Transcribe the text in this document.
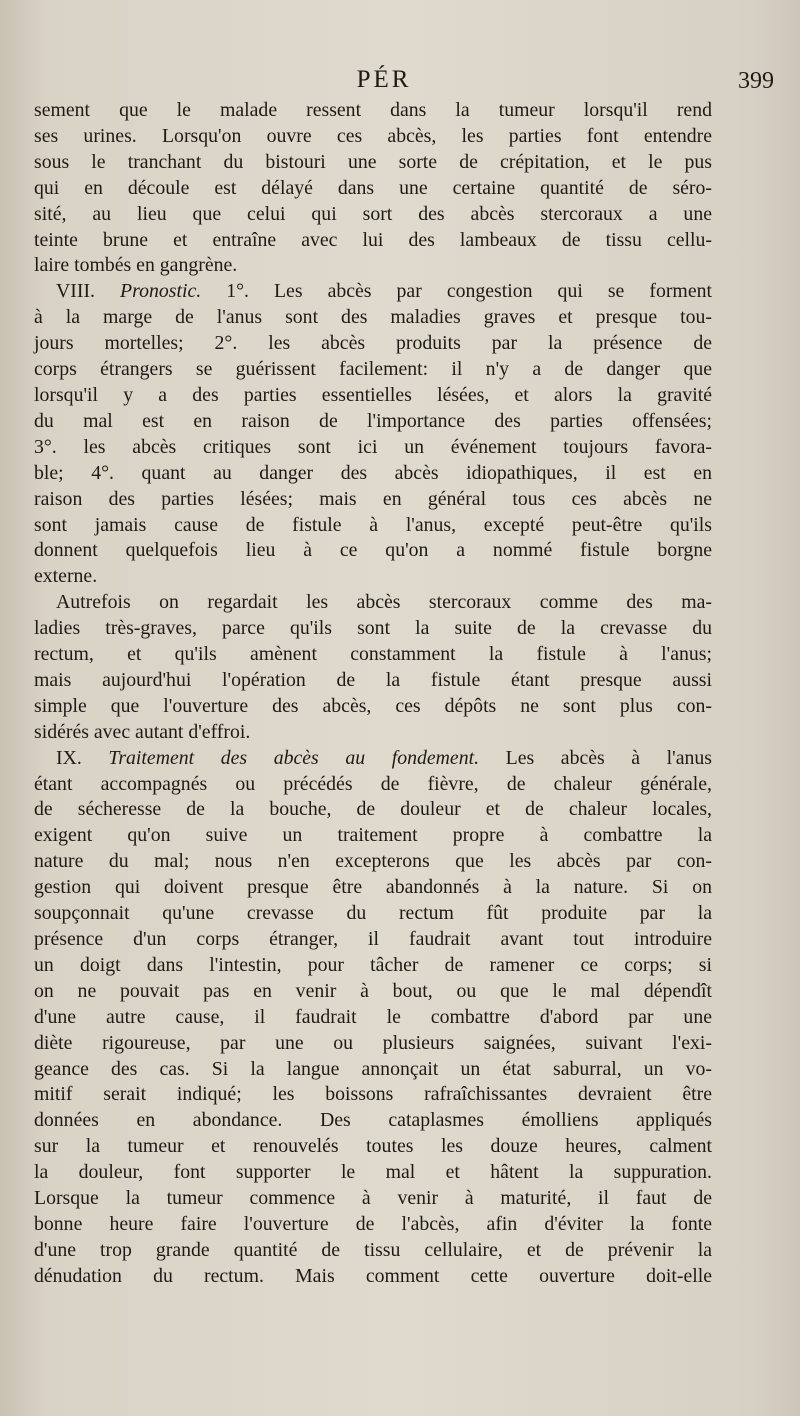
PÉR	399
sement que le malade ressent dans la tumeur lorsqu'il rend
ses urines. Lorsqu'on ouvre ces abcès, les parties font entendre
sous le tranchant du bistouri une sorte de crépitation, et le pus
qui en découle est délayé dans une certaine quantité de séro-
sité, au lieu que celui qui sort des abcès stercoraux a une
teinte brune et entraîne avec lui des lambeaux de tissu cellu-
laire tombés en gangrène.
VIII. Pronostic. 1°. Les abcès par congestion qui se forment
à la marge de l'anus sont des maladies graves et presque tou-
jours mortelles; 2°. les abcès produits par la présence de
corps étrangers se guérissent facilement: il n'y a de danger que
lorsqu'il y a des parties essentielles lésées, et alors la gravité
du mal est en raison de l'importance des parties offensées;
3°. les abcès critiques sont ici un événement toujours favora-
ble; 4°. quant au danger des abcès idiopathiques, il est en
raison des parties lésées; mais en général tous ces abcès ne
sont jamais cause de fistule à l'anus, excepté peut-être qu'ils
donnent quelquefois lieu à ce qu'on a nommé fistule borgne
externe.
Autrefois on regardait les abcès stercoraux comme des ma-
ladies très-graves, parce qu'ils sont la suite de la crevasse du
rectum, et qu'ils amènent constamment la fistule à l'anus;
mais aujourd'hui l'opération de la fistule étant presque aussi
simple que l'ouverture des abcès, ces dépôts ne sont plus con-
sidérés avec autant d'effroi.
IX. Traitement des abcès au fondement. Les abcès à l'anus
étant accompagnés ou précédés de fièvre, de chaleur générale,
de sécheresse de la bouche, de douleur et de chaleur locales,
exigent qu'on suive un traitement propre à combattre la
nature du mal; nous n'en excepterons que les abcès par con-
gestion qui doivent presque être abandonnés à la nature. Si on
soupçonnait qu'une crevasse du rectum fût produite par la
présence d'un corps étranger, il faudrait avant tout introduire
un doigt dans l'intestin, pour tâcher de ramener ce corps; si
on ne pouvait pas en venir à bout, ou que le mal dépendît
d'une autre cause, il faudrait le combattre d'abord par une
diète rigoureuse, par une ou plusieurs saignées, suivant l'exi-
geance des cas. Si la langue annonçait un état saburral, un vo-
mitif serait indiqué; les boissons rafraîchissantes devraient être
données en abondance. Des cataplasmes émolliens appliqués
sur la tumeur et renouvelés toutes les douze heures, calment
la douleur, font supporter le mal et hâtent la suppuration.
Lorsque la tumeur commence à venir à maturité, il faut de
bonne heure faire l'ouverture de l'abcès, afin d'éviter la fonte
d'une trop grande quantité de tissu cellulaire, et de prévenir la
dénudation du rectum. Mais comment cette ouverture doit-elle
